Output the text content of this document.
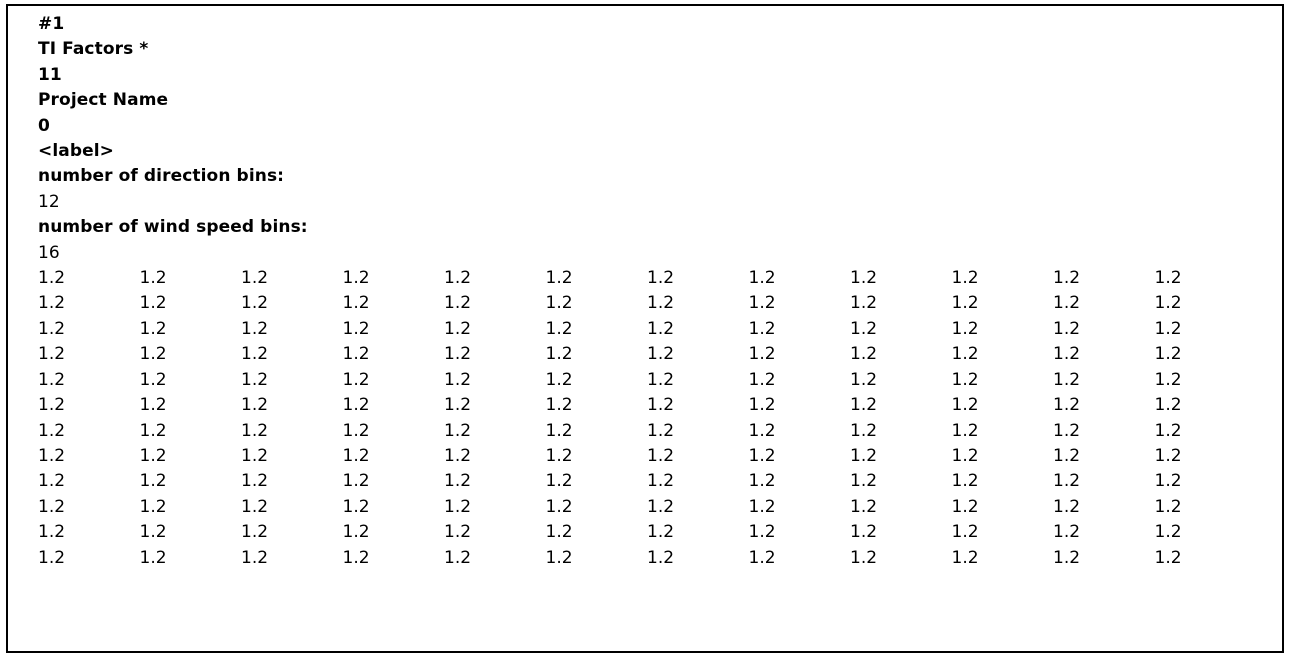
#1
TI Factors *
11
Project Name
0
<label>
number of direction bins:
12
number of wind speed bins:
16
1.2	1.2	1.2	1.2	1.2	1.2	1.2	1.2	1.2	1.2	1.2	1.2
1.2	1.2	1.2	1.2	1.2	1.2	1.2	1.2	1.2	1.2	1.2	1.2
1.2	1.2	1.2	1.2	1.2	1.2	1.2	1.2	1.2	1.2	1.2	1.2
1.2	1.2	1.2	1.2	1.2	1.2	1.2	1.2	1.2	1.2	1.2	1.2
1.2	1.2	1.2	1.2	1.2	1.2	1.2	1.2	1.2	1.2	1.2	1.2
1.2	1.2	1.2	1.2	1.2	1.2	1.2	1.2	1.2	1.2	1.2	1.2
1.2	1.2	1.2	1.2	1.2	1.2	1.2	1.2	1.2	1.2	1.2	1.2
1.2	1.2	1.2	1.2	1.2	1.2	1.2	1.2	1.2	1.2	1.2	1.2
1.2	1.2	1.2	1.2	1.2	1.2	1.2	1.2	1.2	1.2	1.2	1.2
1.2	1.2	1.2	1.2	1.2	1.2	1.2	1.2	1.2	1.2	1.2	1.2
1.2	1.2	1.2	1.2	1.2	1.2	1.2	1.2	1.2	1.2	1.2	1.2
1.2	1.2	1.2	1.2	1.2	1.2	1.2	1.2	1.2	1.2	1.2	1.2
